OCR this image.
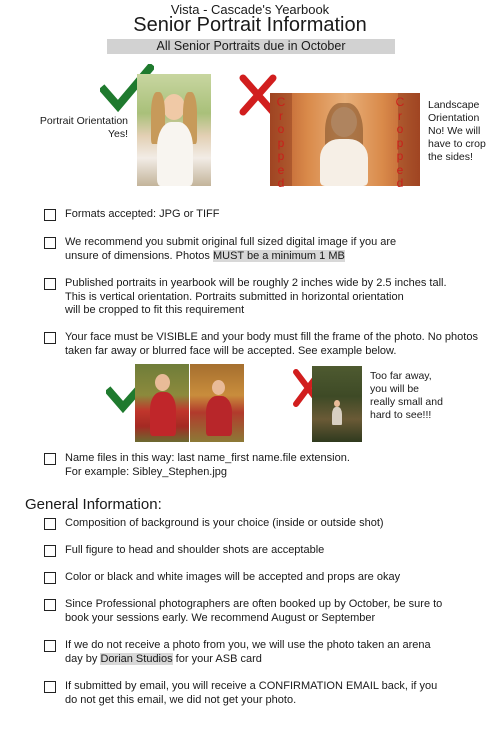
Vista - Cascade's Yearbook
Senior Portrait Information
All Senior Portraits due in October
Portrait Orientation
Yes!
C
r
o
p
p
e
d
C
r
o
p
p
e
d
Landscape
Orientation
No! We will
have to crop
the sides!
Formats accepted: JPG or TIFF
We recommend you submit original full sized digital image if you are
unsure of dimensions. Photos MUST be a minimum 1 MB
Published portraits in yearbook will be roughly 2 inches wide by 2.5 inches tall.
This is vertical orientation. Portraits submitted in horizontal orientation
will be cropped to fit this requirement
Your face must be VISIBLE and your body must fill the frame of the photo. No photos
taken far away or blurred face will be accepted. See example below.
Name files in this way: last name_first name.file extension.
For example: Sibley_Stephen.jpg
Too far away,
you will be
really small and
hard to see!!!
General Information:
Composition of background is your choice (inside or outside shot)
Full figure to head and shoulder shots are acceptable
Color or black and white images will be accepted and props are okay
Since Professional photographers are often booked up by October, be sure to
book your sessions early. We recommend August or September
If we do not receive a photo from you, we will use the photo taken an arena
day by Dorian Studios for your ASB card
If submitted by email, you will receive a CONFIRMATION EMAIL back, if you
do not get this email, we did not get your photo.
